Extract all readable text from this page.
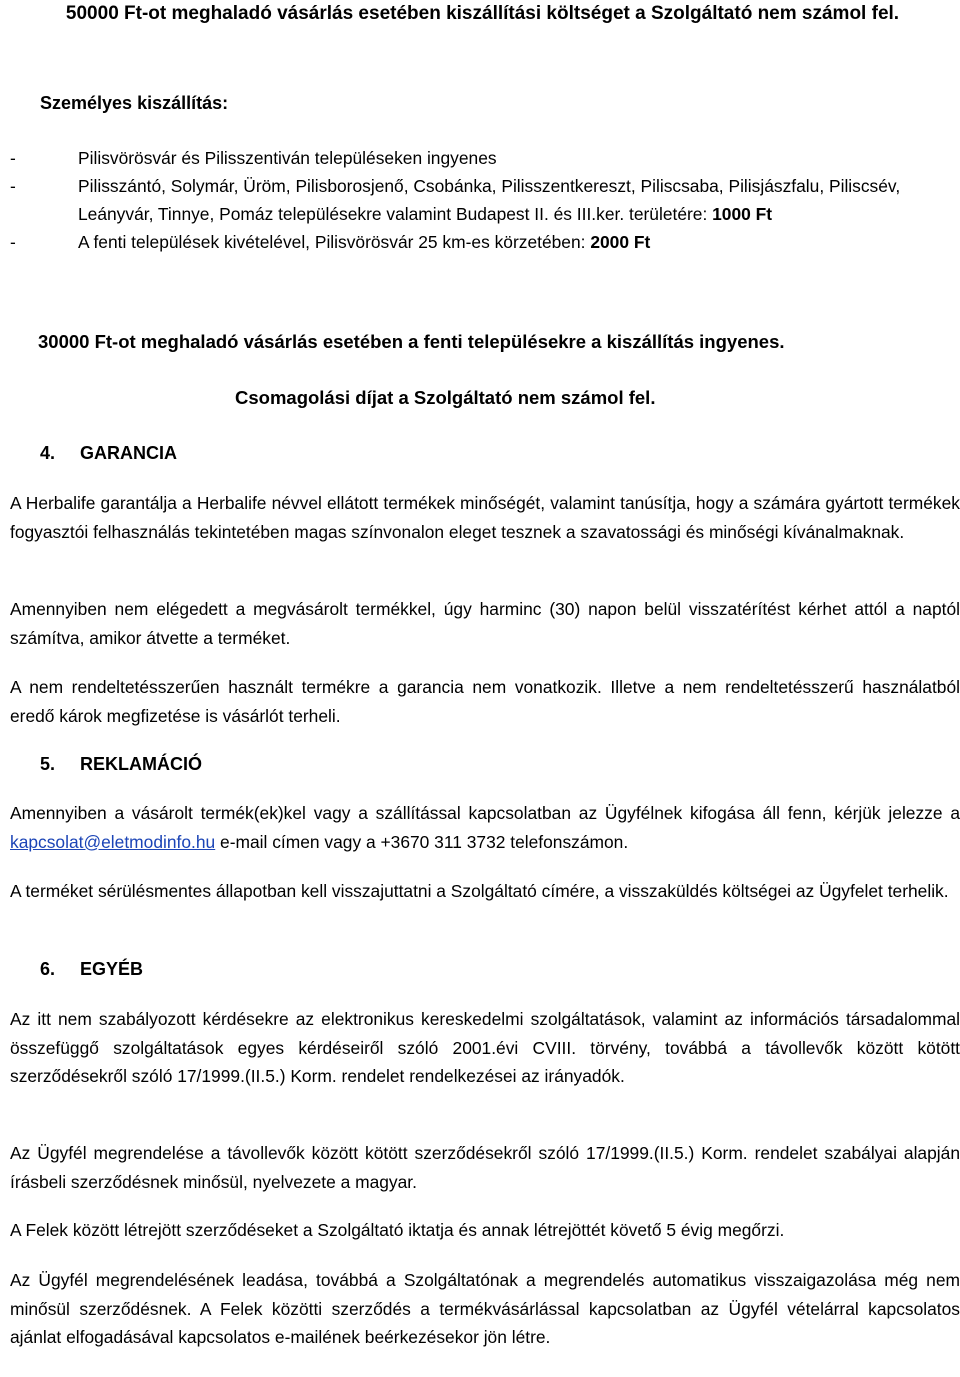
50000 Ft-ot meghaladó vásárlás esetében kiszállítási költséget a Szolgáltató nem számol fel.

Személyes kiszállítás:

-	Pilisvörösvár és Pilisszentiván településeken ingyenes
-	Pilisszántó, Solymár, Üröm, Pilisborosjenő, Csobánka, Pilisszentkereszt, Piliscsaba, Pilisjászfalu, Piliscsév, Leányvár, Tinnye, Pomáz településekre valamint Budapest II. és III.ker. területére: 1000 Ft
-	A fenti települések kivételével, Pilisvörösvár 25 km-es körzetében: 2000 Ft
30000 Ft-ot meghaladó vásárlás esetében a fenti településekre a kiszállítás ingyenes.
Csomagolási díjat a Szolgáltató nem számol fel.
4.	GARANCIA

A Herbalife garantálja a Herbalife névvel ellátott termékek minőségét, valamint tanúsítja, hogy a számára gyártott termékek fogyasztói felhasználás tekintetében magas színvonalon eleget tesznek a szavatossági és minőségi kívánalmaknak.

Amennyiben nem elégedett a megvásárolt termékkel, úgy harminc (30) napon belül visszatérítést kérhet attól a naptól számítva, amikor átvette a terméket.

A nem rendeltetésszerűen használt termékre a garancia nem vonatkozik. Illetve a nem rendeltetésszerű használatból eredő károk megfizetése is vásárlót terheli.

5.	REKLAMÁCIÓ

Amennyiben a vásárolt termék(ek)kel vagy a szállítással kapcsolatban az Ügyfélnek kifogása áll fenn, kérjük jelezze a kapcsolat@eletmodinfo.hu e-mail címen vagy a +3670 311 3732 telefonszámon.

A terméket sérülésmentes állapotban kell visszajuttatni a Szolgáltató címére, a visszaküldés költségei az Ügyfelet terhelik.

6.	EGYÉB

Az itt nem szabályozott kérdésekre az elektronikus kereskedelmi szolgáltatások, valamint az információs társadalommal összefüggő szolgáltatások egyes kérdéseiről szóló 2001.évi CVIII. törvény, továbbá a távollevők között kötött szerződésekről szóló 17/1999.(II.5.) Korm. rendelet rendelkezései az irányadók.

Az Ügyfél megrendelése a távollevők között kötött szerződésekről szóló 17/1999.(II.5.) Korm. rendelet szabályai alapján írásbeli szerződésnek minősül, nyelvezete a magyar.

A Felek között létrejött szerződéseket a Szolgáltató iktatja és annak létrejöttét követő 5 évig megőrzi.

Az Ügyfél megrendelésének leadása, továbbá a Szolgáltatónak a megrendelés automatikus visszaigazolása még nem minősül szerződésnek. A Felek közötti szerződés a termékvásárlással kapcsolatban az Ügyfél vételárral kapcsolatos ajánlat elfogadásával kapcsolatos e-mailének beérkezésekor jön létre.
